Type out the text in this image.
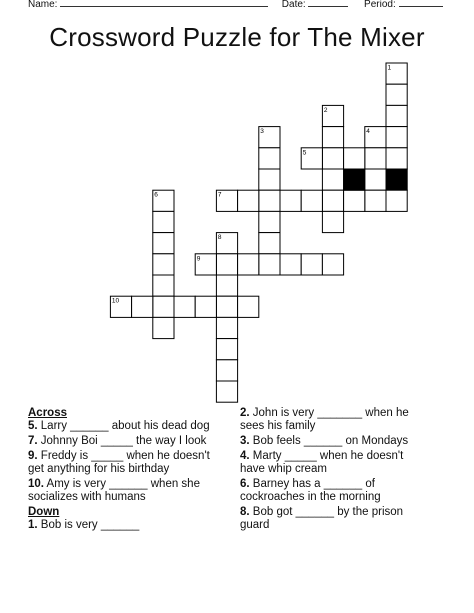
Name:	Date:	Period:
Crossword Puzzle for The Mixer
1
2
3	4
5
6	7
8
9
10
Across
5. Larry ______ about his dead dog
7. Johnny Boi _____ the way I look
9. Freddy is _____ when he doesn't get anything for his birthday
10. Amy is very ______ when she socializes with humans
Down
1. Bob is very ______
2. John is very _______ when he sees his family
3. Bob feels ______ on Mondays
4. Marty _____ when he doesn't have whip cream
6. Barney has a ______ of cockroaches in the morning
8. Bob got ______ by the prison guard
